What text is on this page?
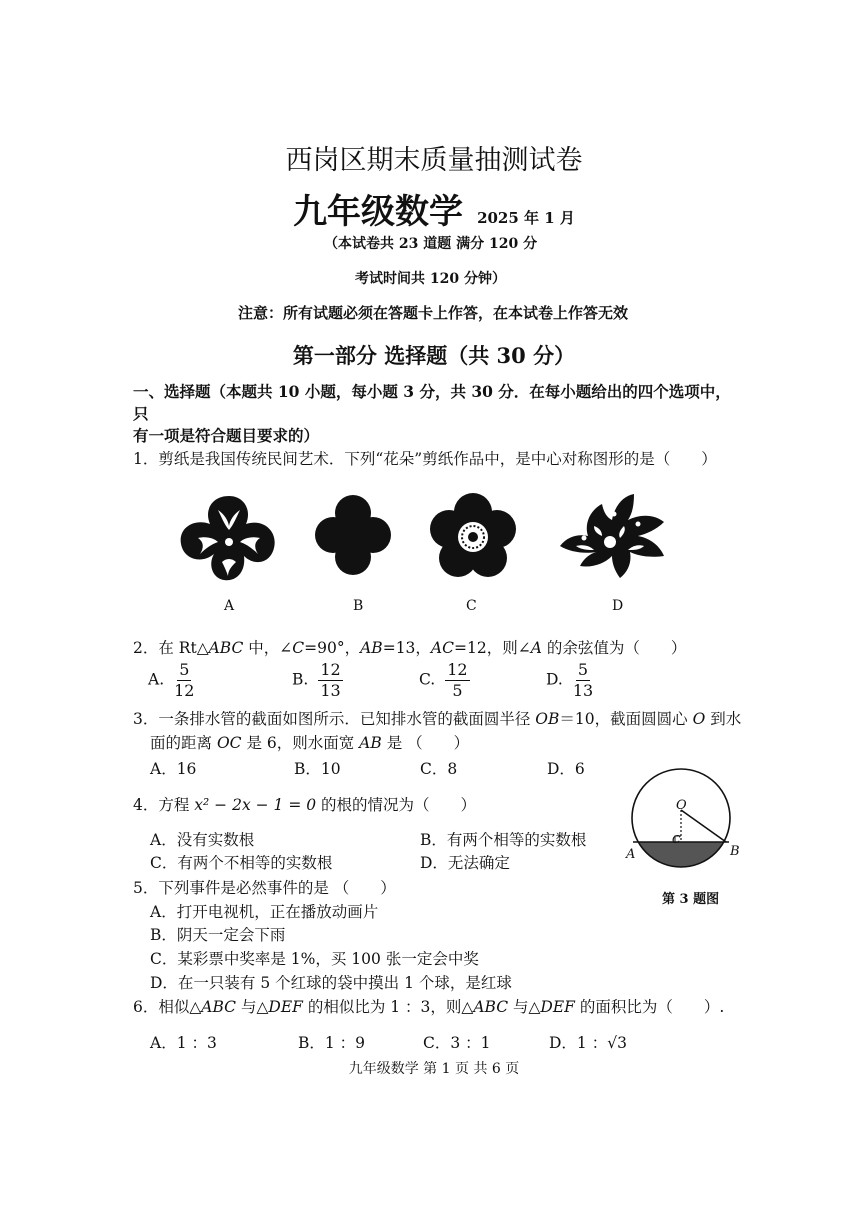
西岗区期末质量抽测试卷
九年级数学 2025 年 1 月
（本试卷共 23 道题 满分 120 分
考试时间共 120 分钟）
注意：所有试题必须在答题卡上作答，在本试卷上作答无效
第一部分 选择题（共 30 分）
一、选择题（本题共 10 小题，每小题 3 分，共 30 分．在每小题给出的四个选项中，
只
有一项是符合题目要求的）
1．剪纸是我国传统民间艺术．下列“花朵”剪纸作品中，是中心对称图形的是（　　）
A	B	C	D
2．在 Rt△ABC 中，∠C=90°，AB=13，AC=12，则∠A 的余弦值为（　　）
A. $\frac{5}{12}$	B. $\frac{12}{13}$	C. $\frac{12}{5}$	D. $\frac{5}{13}$
3．一条排水管的截面如图所示．已知排水管的截面圆半径 OB＝10，截面圆圆心 O 到水
面的距离 OC 是 6，则水面宽 AB 是 （　　）
A．16	B．10	C．8	D．6
O
A	B
C
第 3 题图
4．方程 x² − 2x − 1 = 0 的根的情况为（　　）
A．没有实数根	B．有两个相等的实数根
C．有两个不相等的实数根	D．无法确定
5．下列事件是必然事件的是 （　　）
A．打开电视机，正在播放动画片
B．阴天一定会下雨
C．某彩票中奖率是 1%，买 100 张一定会中奖
D．在一只装有 5 个红球的袋中摸出 1 个球，是红球
6．相似△ABC 与△DEF 的相似比为 1 ：3，则△ABC 与△DEF 的面积比为（　　）.
A．1 ：3	B．1 ：9	C．3 ：1	D．1 ：√3
九年级数学 第 1 页 共 6 页
